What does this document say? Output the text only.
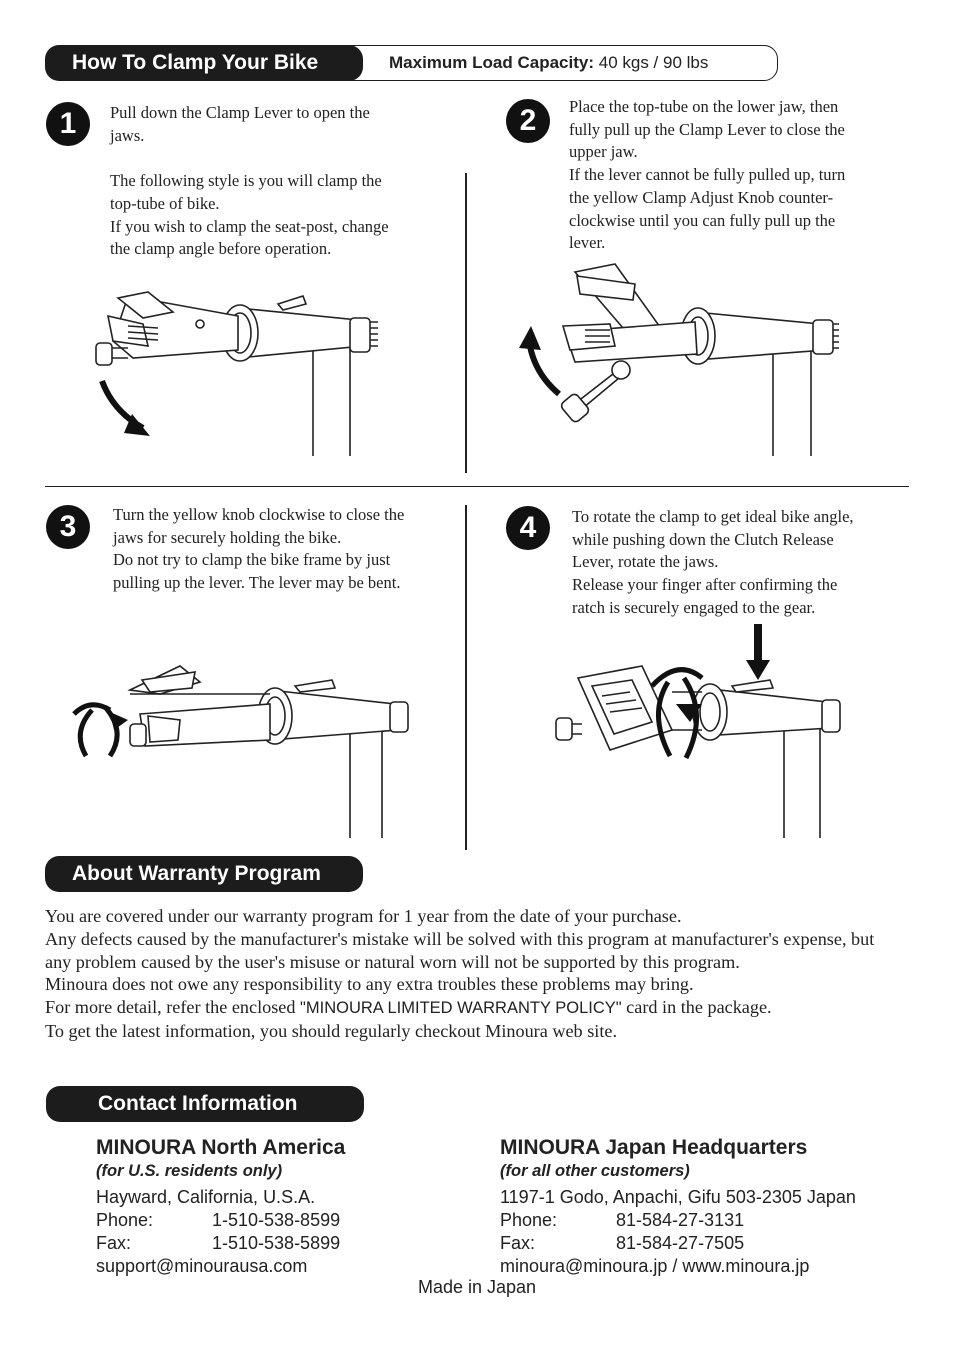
Maximum Load Capacity: 40 kgs / 90 lbs
How To Clamp Your Bike
1	Pull down the Clamp Lever to open the
jaws.

The following style is you will clamp the
top-tube of bike.
If you wish to clamp the seat-post, change
the clamp angle before operation.
2	Place the top-tube on the lower jaw, then
fully pull up the Clamp Lever to close the
upper jaw.
If the lever cannot be fully pulled up, turn
the yellow Clamp Adjust Knob counter-
clockwise until you can fully pull up the
lever.
3	Turn the yellow knob clockwise to close the
jaws for securely holding the bike.
Do not try to clamp the bike frame by just
pulling up the lever. The lever may be bent.
4	To rotate the clamp to get ideal bike angle,
while pushing down the Clutch Release
Lever, rotate the jaws.
Release your finger after confirming the
ratch is securely engaged to the gear.
About Warranty Program

You are covered under our warranty program for 1 year from the date of your purchase.

Any defects caused by the manufacturer's mistake will be solved with this program at manufacturer's expense, but any problem caused by the user's misuse or natural worn will not be supported by this program.

Minoura does not owe any responsibility to any extra troubles these problems may bring.

For more detail, refer the enclosed "MINOURA LIMITED WARRANTY POLICY" card in the package.

To get the latest information, you should regularly checkout Minoura web site.

Contact Information
MINOURA North America
(for U.S. residents only)
Hayward, California, U.S.A.
Phone:	1-510-538-8599
Fax:	1-510-538-5899
support@minourausa.com
MINOURA Japan Headquarters
(for all other customers)
1197-1 Godo, Anpachi, Gifu 503-2305 Japan
Phone:	81-584-27-3131
Fax:	81-584-27-7505
minoura@minoura.jp / www.minoura.jp
Made in Japan
